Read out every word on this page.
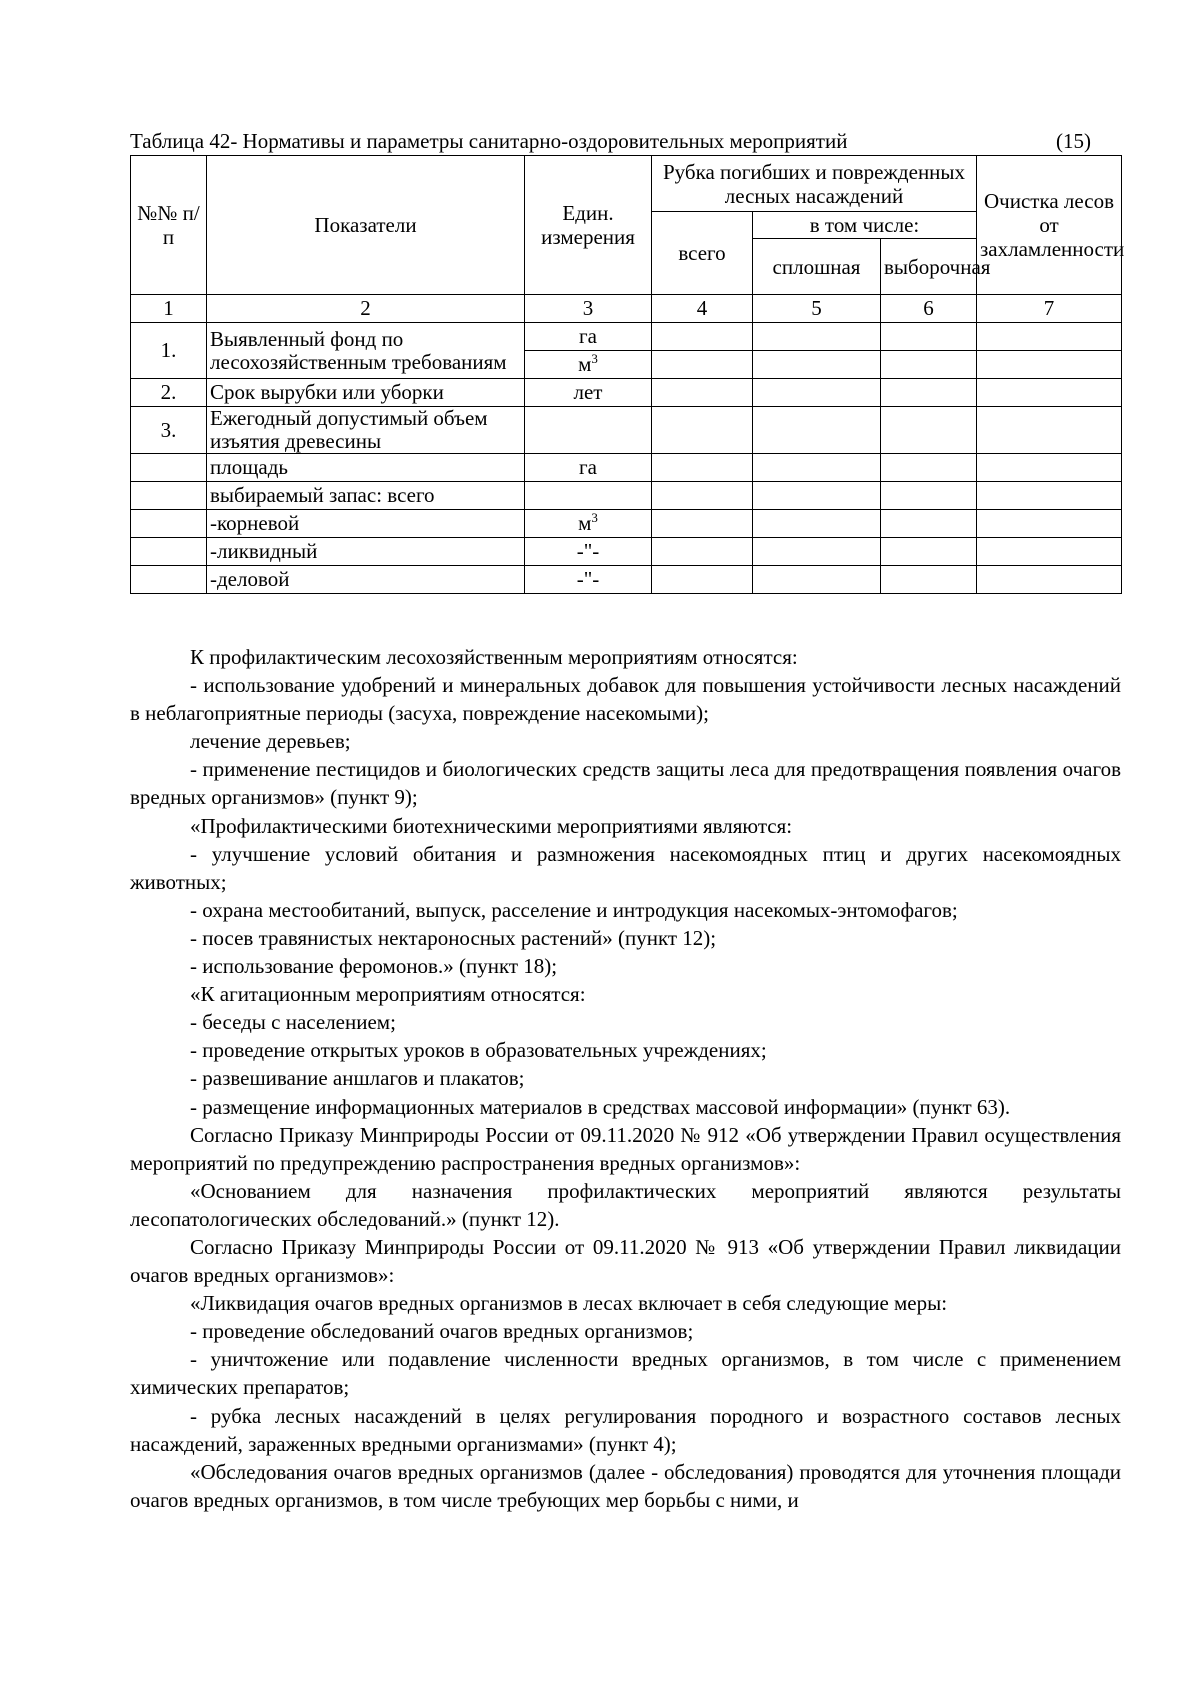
Таблица 42- Нормативы и параметры санитарно-оздоровительных мероприятий	(15)
№№ п/п	Показатели	Един. измерения	Рубка погибших и поврежденных лесных насаждений			Очистка лесов от захламленности
			всего	в том числе:		
				сплошная	выборочная	
1	2	3	4	5	6	7
1.	Выявленный фонд по лесохозяйственным требованиям	га				
		$м^3$				
2.	Срок вырубки или уборки	лет				
3.	Ежегодный допустимый объем изъятия древесины					
	площадь	га				
	выбираемый запас: всего					
	-корневой	$м^3$				
	-ликвидный	-"-				
	-деловой	-"-				

К профилактическим лесохозяйственным мероприятиям относятся:

- использование удобрений и минеральных добавок для повышения устойчивости лесных насаждений в неблагоприятные периоды (засуха, повреждение насекомыми);

лечение деревьев;

- применение пестицидов и биологических средств защиты леса для предотвращения появления очагов вредных организмов» (пункт 9);

«Профилактическими биотехническими мероприятиями являются:

- улучшение условий обитания и размножения насекомоядных птиц и других насекомоядных животных;

- охрана местообитаний, выпуск, расселение и интродукция насекомых-энтомофагов;

- посев травянистых нектароносных растений» (пункт 12);

- использование феромонов.» (пункт 18);

«К агитационным мероприятиям относятся:

- беседы с населением;

- проведение открытых уроков в образовательных учреждениях;

- развешивание аншлагов и плакатов;

- размещение информационных материалов в средствах массовой информации» (пункт 63).

Согласно Приказу Минприроды России от 09.11.2020 № 912 «Об утверждении Правил осуществления мероприятий по предупреждению распространения вредных организмов»:

«Основанием для назначения профилактических мероприятий являются результаты лесопатологических обследований.» (пункт 12).

Согласно Приказу Минприроды России от 09.11.2020 № 913 «Об утверждении Правил ликвидации очагов вредных организмов»:

«Ликвидация очагов вредных организмов в лесах включает в себя следующие меры:

- проведение обследований очагов вредных организмов;

- уничтожение или подавление численности вредных организмов, в том числе с применением химических препаратов;

- рубка лесных насаждений в целях регулирования породного и возрастного составов лесных насаждений, зараженных вредными организмами» (пункт 4);

«Обследования очагов вредных организмов (далее - обследования) проводятся для уточнения площади очагов вредных организмов, в том числе требующих мер борьбы с ними, и
